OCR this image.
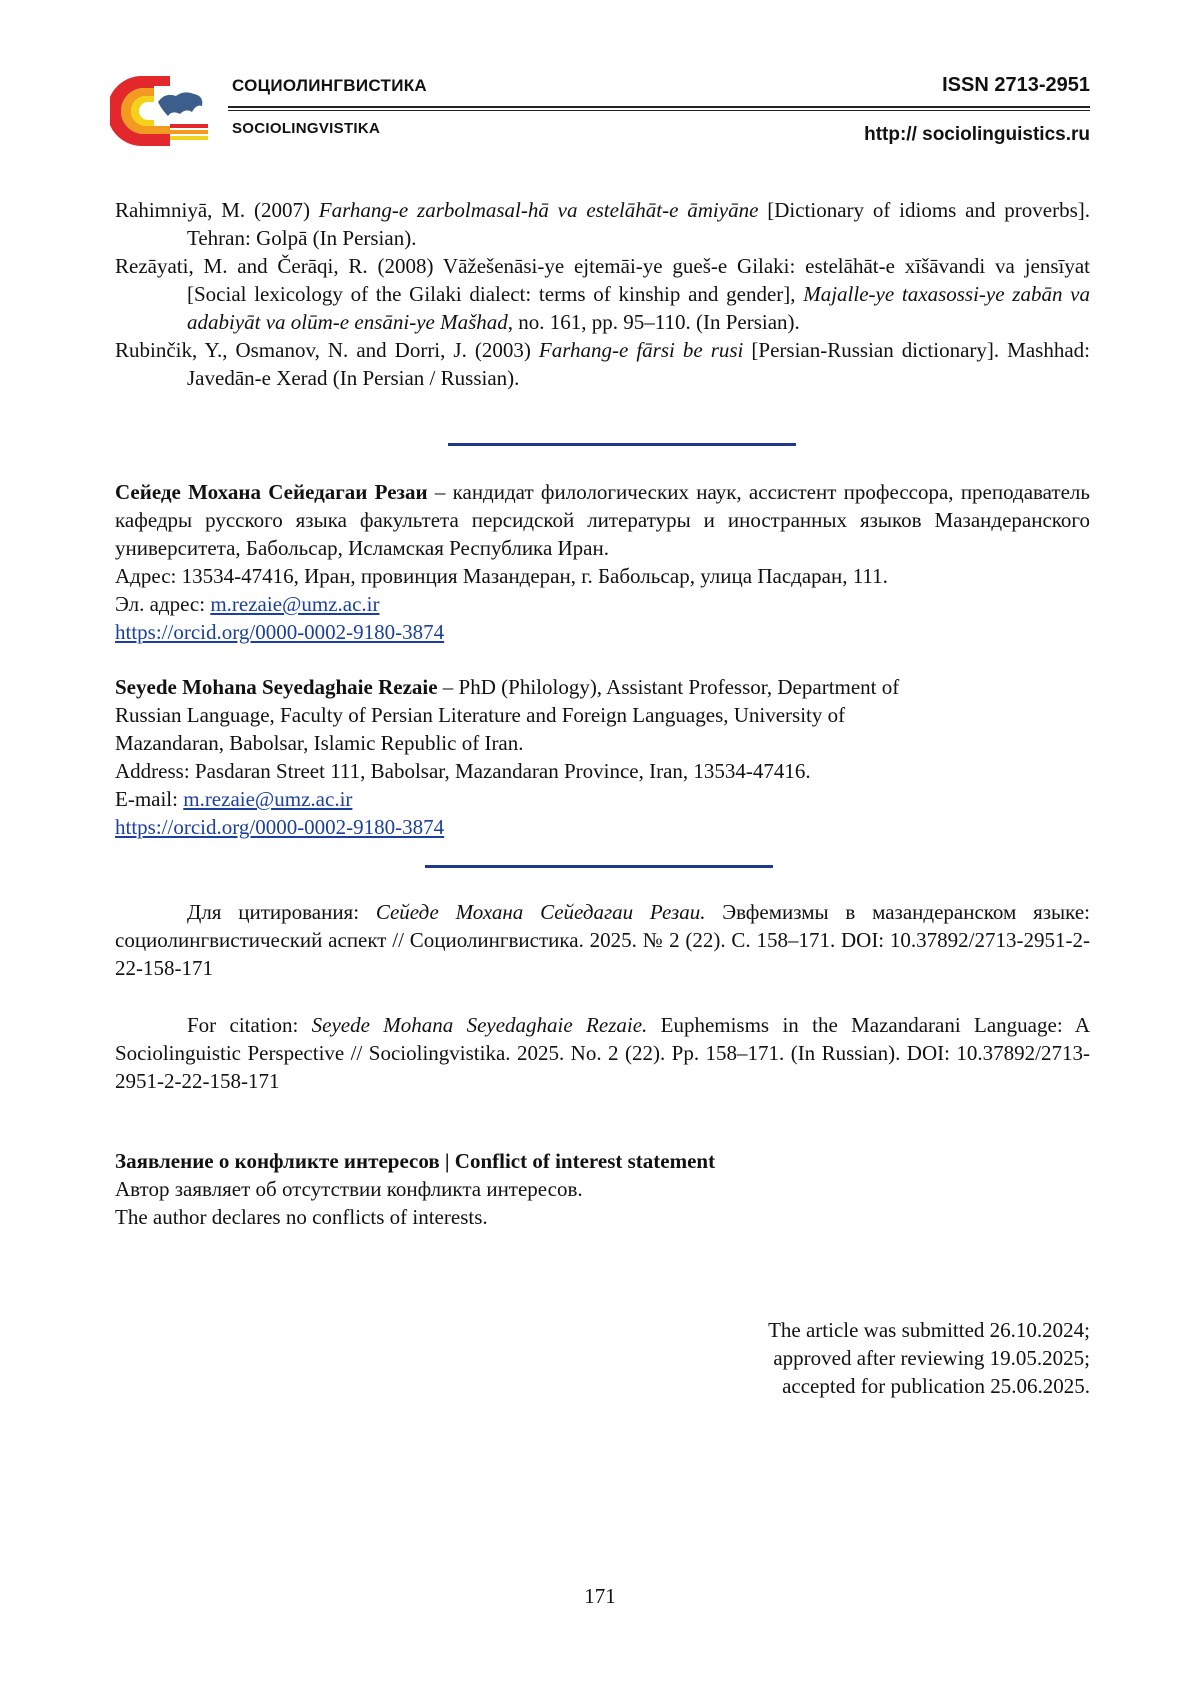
СОЦИОЛИНГВИСТИКА
SOCIOLINGVISTIKA
ISSN 2713-2951
http:// sociolinguistics.ru

Rahimniyā, M. (2007) Farhang-e zarbolmasal-hā va estelāhāt-e āmiyāne [Dictionary of idioms and proverbs]. Tehran: Golpā (In Persian).

Rezāyati, M. and Čerāqi, R. (2008) Vāžešenāsi-ye ejtemāi-ye gueš-e Gilaki: estelāhāt-e xīšāvandi va jensīyat [Social lexicology of the Gilaki dialect: terms of kinship and gender], Majalle-ye taxasossi-ye zabān va adabiyāt va olūm-e ensāni-ye Mašhad, no. 161, pp. 95–110. (In Persian).

Rubinčik, Y., Osmanov, N. and Dorri, J. (2003) Farhang-e fārsi be rusi [Persian-Russian dictionary]. Mashhad: Javedān-e Xerad (In Persian / Russian).

Сейеде Мохана Сейедагаи Резаи – кандидат филологических наук, ассистент профессора, преподаватель кафедры русского языка факультета персидской литературы и иностранных языков Мазандеранского университета, Бабольсар, Исламская Республика Иран.

Адрес: 13534-47416, Иран, провинция Мазандеран, г. Бабольсар, улица Пасдаран, 111.

Эл. адрес: m.rezaie@umz.ac.ir

https://orcid.org/0000-0002-9180-3874

Seyede Mohana Seyedaghaie Rezaie – PhD (Philology), Assistant Professor, Department of

Russian Language, Faculty of Persian Literature and Foreign Languages, University of

Mazandaran, Babolsar, Islamic Republic of Iran.

Address: Pasdaran Street 111, Babolsar, Mazandaran Province, Iran, 13534-47416.

E-mail: m.rezaie@umz.ac.ir

https://orcid.org/0000-0002-9180-3874

Для цитирования: Сейеде Мохана Сейедагаи Резаи. Эвфемизмы в мазандеранском языке: социолингвистический аспект // Социолингвистика. 2025. № 2 (22). С. 158–171. DOI: 10.37892/2713-2951-2-22-158-171

For citation: Seyede Mohana Seyedaghaie Rezaie. Euphemisms in the Mazandarani Language: A Sociolinguistic Perspective // Sociolingvistika. 2025. No. 2 (22). Pp. 158–171. (In Russian). DOI: 10.37892/2713-2951-2-22-158-171

Заявление о конфликте интересов | Conflict of interest statement

Автор заявляет об отсутствии конфликта интересов.

The author declares no conflicts of interests.

The article was submitted 26.10.2024;

approved after reviewing 19.05.2025;

accepted for publication 25.06.2025.

171
